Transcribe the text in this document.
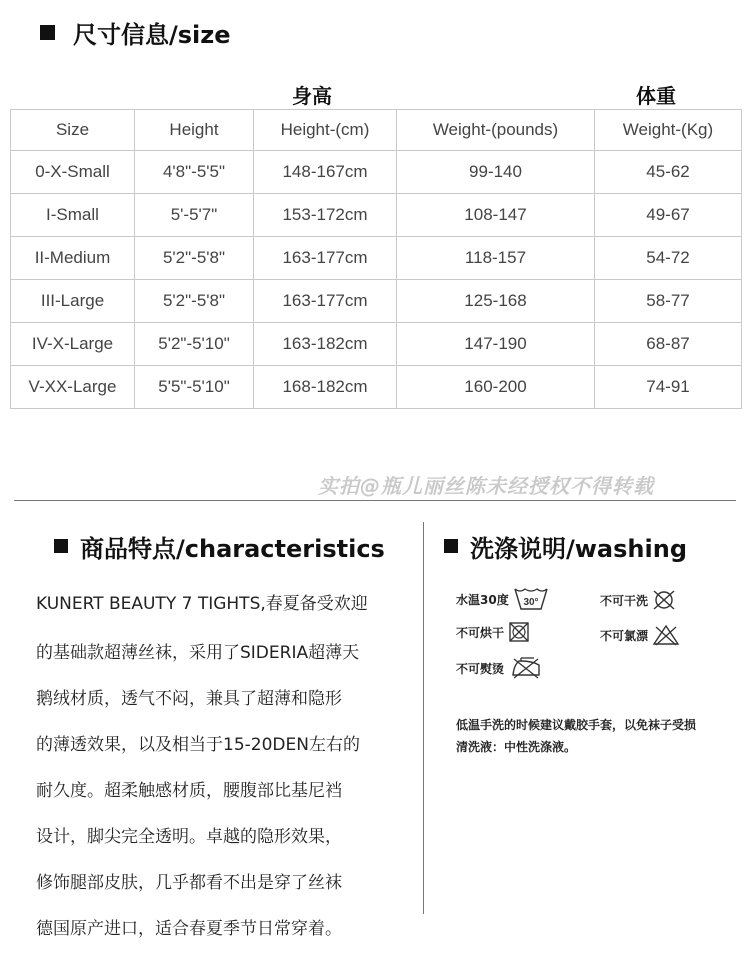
尺寸信息/size
身高	体重
Size	Height	Height-(cm)	Weight-(pounds)	Weight-(Kg)
0-X-Small	4'8"-5'5"	148-167cm	99-140	45-62
I-Small	5'-5'7"	153-172cm	108-147	49-67
II-Medium	5'2"-5'8"	163-177cm	118-157	54-72
III-Large	5'2"-5'8"	163-177cm	125-168	58-77
IV-X-Large	5'2"-5'10"	163-182cm	147-190	68-87
V-XX-Large	5'5"-5'10"	168-182cm	160-200	74-91
实拍@瓶儿丽丝陈未经授权不得转载
商品特点/characteristics
KUNERT BEAUTY 7 TIGHTS,春夏备受欢迎
的基础款超薄丝袜，采用了SIDERIA超薄天
鹅绒材质，透气不闷，兼具了超薄和隐形
的薄透效果，以及相当于15-20DEN左右的
耐久度。超柔触感材质，腰腹部比基尼裆
设计，脚尖完全透明。卓越的隐形效果，
修饰腿部皮肤，几乎都看不出是穿了丝袜
德国原产进口，适合春夏季节日常穿着。
洗涤说明/washing
水温30度 30°	不可干洗
不可烘干	不可氯漂
不可熨烫
低温手洗的时候建议戴胶手套，以免袜子受损
清洗液：中性洗涤液。
